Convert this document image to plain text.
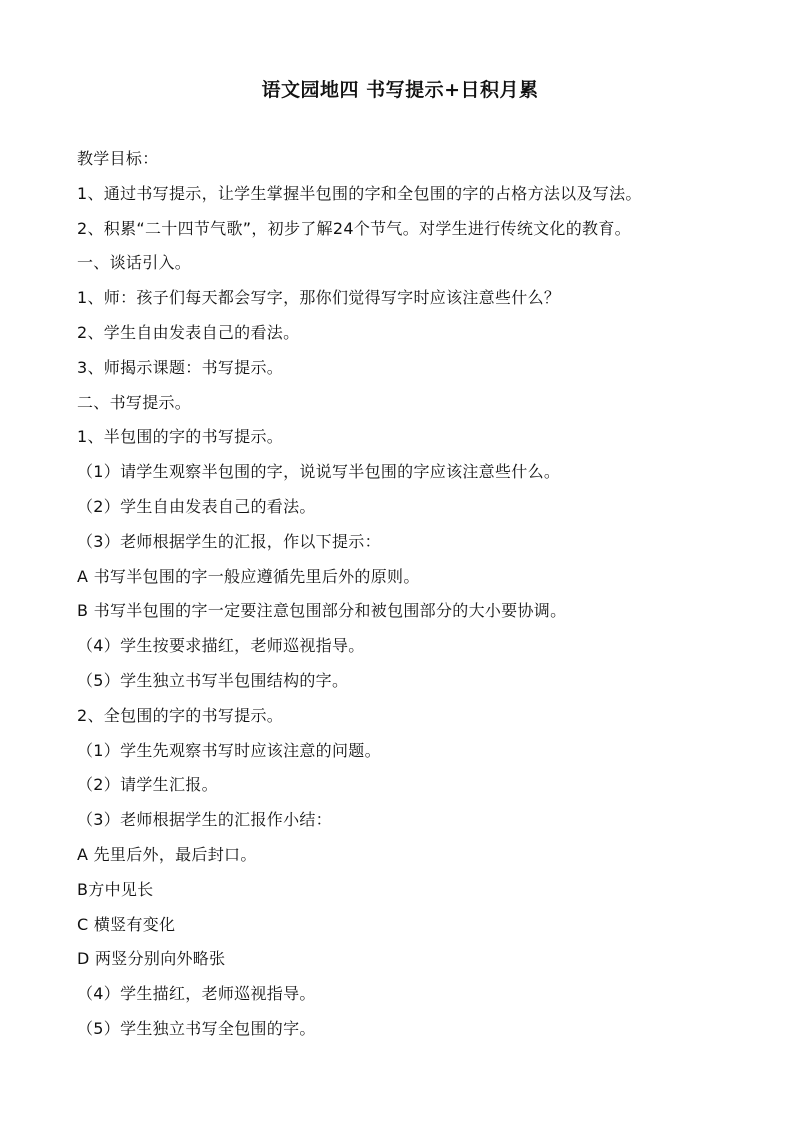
语文园地四 书写提示+日积月累
教学目标：
1、通过书写提示，让学生掌握半包围的字和全包围的字的占格方法以及写法。
2、积累“二十四节气歌”，初步了解24个节气。对学生进行传统文化的教育。
一、谈话引入。
1、师：孩子们每天都会写字，那你们觉得写字时应该注意些什么？
2、学生自由发表自己的看法。
3、师揭示课题：书写提示。
二、书写提示。
1、半包围的字的书写提示。
（1）请学生观察半包围的字，说说写半包围的字应该注意些什么。
（2）学生自由发表自己的看法。
（3）老师根据学生的汇报，作以下提示：
A 书写半包围的字一般应遵循先里后外的原则。
B 书写半包围的字一定要注意包围部分和被包围部分的大小要协调。
（4）学生按要求描红，老师巡视指导。
（5）学生独立书写半包围结构的字。
2、全包围的字的书写提示。
（1）学生先观察书写时应该注意的问题。
（2）请学生汇报。
（3）老师根据学生的汇报作小结：
A 先里后外，最后封口。
B方中见长
C 横竖有变化
D 两竖分别向外略张
（4）学生描红，老师巡视指导。
（5）学生独立书写全包围的字。
